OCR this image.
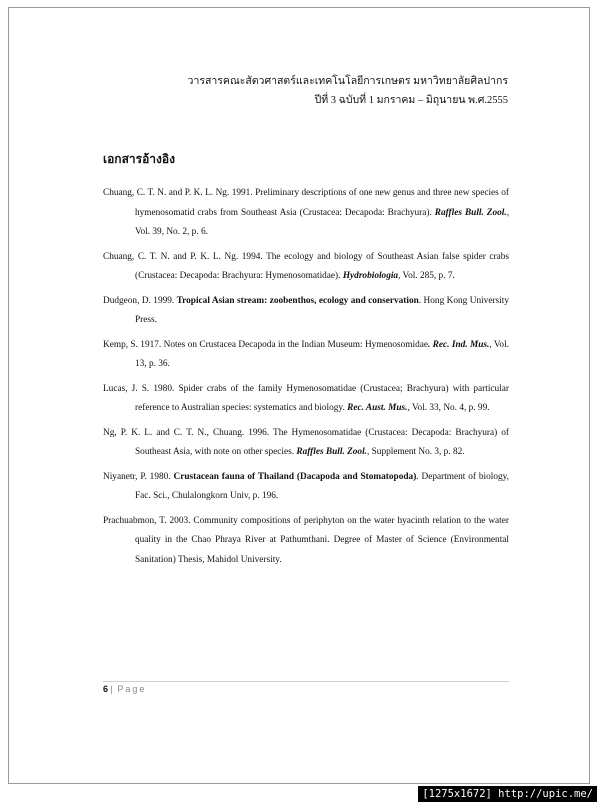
วารสารคณะสัตวศาสตร์และเทคโนโลยีการเกษตร มหาวิทยาลัยศิลปากร
ปีที่ 3 ฉบับที่ 1 มกราคม – มิถุนายน พ.ศ.2555
เอกสารอ้างอิง
Chuang, C. T. N. and P. K. L. Ng. 1991. Preliminary descriptions of one new genus and three new species of hymenosomatid crabs from Southeast Asia (Crustacea: Decapoda: Brachyura). Raffles Bull. Zool., Vol. 39, No. 2, p. 6.
Chuang, C. T. N. and P. K. L. Ng. 1994. The ecology and biology of Southeast Asian false spider crabs (Crustacea: Decapoda: Brachyura: Hymenosomatidae). Hydrobiologia, Vol. 285, p. 7.
Dudgeon, D. 1999. Tropical Asian stream: zoobenthos, ecology and conservation. Hong Kong University Press.
Kemp, S. 1917. Notes on Crustacea Decapoda in the Indian Museum: Hymenosomidae. Rec. Ind. Mus., Vol. 13, p. 36.
Lucas, J. S. 1980. Spider crabs of the family Hymenosomatidae (Crustacea; Brachyura) with particular reference to Australian species: systematics and biology. Rec. Aust. Mus., Vol. 33, No. 4, p. 99.
Ng, P. K. L. and C. T. N., Chuang. 1996. The Hymenosomatidae (Crustacea: Decapoda: Brachyura) of Southeast Asia, with note on other species. Raffles Bull. Zool., Supplement No. 3, p. 82.
Niyanetr, P. 1980. Crustacean fauna of Thailand (Dacapoda and Stomatopoda). Department of biology, Fac. Sci., Chulalongkorn Univ, p. 196.
Prachuabmon, T. 2003. Community compositions of periphyton on the water hyacinth relation to the water quality in the Chao Phraya River at Pathumthani. Degree of Master of Science (Environmental Sanitation) Thesis, Mahidol University.
6 | Page
[1275x1672] http://upic.me/
